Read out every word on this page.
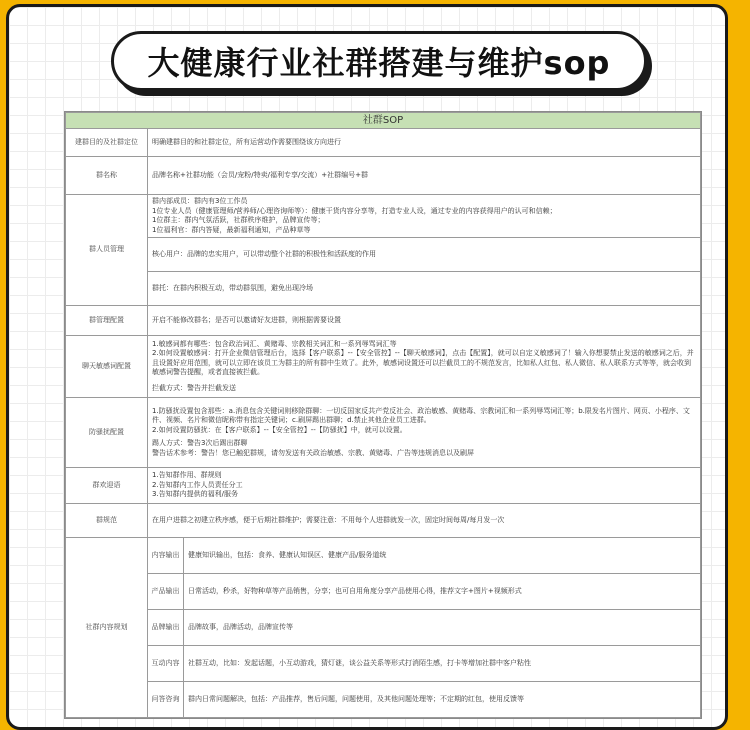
大健康行业社群搭建与维护sop
社群SOP		
建群目的及社群定位	明确建群目的和社群定位，所有运营动作需要围绕该方向进行	
群名称	品牌名称+社群功能（会员/宠粉/特卖/福利专享/交流）+社群编号+群	
群人员管理	群内部成员：群内有3位工作员
1位专业人员（健康管理师/营养师/心理咨询师等）：健康干货内容分享等，打造专业人设，通过专业的内容获得用户的认可和信赖；
1位群主：群内气氛活跃，社群秩序维护，品牌宣传等；
1位福利官：群内答疑，最新福利通知，产品种草等	

	核心用户：品牌的忠实用户，可以带动整个社群的积极性和活跃度的作用	
	群托：在群内积极互动，带动群氛围，避免出现冷场	
群管理配置	开启不能修改群名；是否可以邀请好友进群，则根据需要设置	
聊天敏感词配置	1.敏感词都有哪些：包含政治词汇、黄赌毒、宗教相关词汇和一系列辱骂词汇等
2.如何设置敏感词：打开企业微信管理后台，选择【客户联系】--【安全管控】--【聊天敏感词】，点击【配置】，就可以自定义敏感词了！输入你想要禁止发送的敏感词之后，并且设置好应用范围，就可以立即在该员工为群主的所有群中生效了。此外，敏感词设置还可以拦截员工的不规范发言，比如私人红包、私人微信、私人联系方式等等，就会收到敏感词警告提醒，或者直接被拦截。
拦截方式：警告并拦截发送	

防骚扰配置	1.防骚扰设置包含那些：a.消息包含关键词则移除群聊：一切反国家反共产党反社会、政治敏感、黄赌毒、宗教词汇和一系列辱骂词汇等；b.限发名片图片、网页、小程序、文件、视频、名片和微信昵称带有指定关键词；c.刷屏踢出群聊；d.禁止其他企业员工进群。
2.如何设置防骚扰：在【客户联系】--【安全管控】--【防骚扰】中，就可以设置。
踢人方式：警告3次后踢出群聊
警告话术参考：警告！您已触犯群规，请勿发送有关政治敏感、宗教、黄赌毒、广告等违规消息以及刷屏	

群欢迎语	1.告知群作用、群规则
2.告知群内工作人员责任分工
3.告知群内提供的福利/服务	

群规范	在用户进群之初建立秩序感，便于后期社群维护；需要注意：不用每个人进群就发一次，固定时间每周/每月发一次	
社群内容规划	内容输出	健康知识输出，包括：食养、健康认知误区、健康产品/服务道统
	产品输出	日常活动，秒杀，好物种草等产品销售，分享；也可自用角度分享产品使用心得，推荐文字+图片+视频形式
	品牌输出	品牌故事，品牌活动，品牌宣传等
	互动内容	社群互动，比如：发起话题，小互动游戏，猜灯谜，谈公益关系等形式打消陌生感，打卡等增加社群中客户粘性
	问答咨询	群内日常问题解决，包括：产品推荐，售后问题，问题使用，及其他问题处理等；不定期的红包，使用反馈等
